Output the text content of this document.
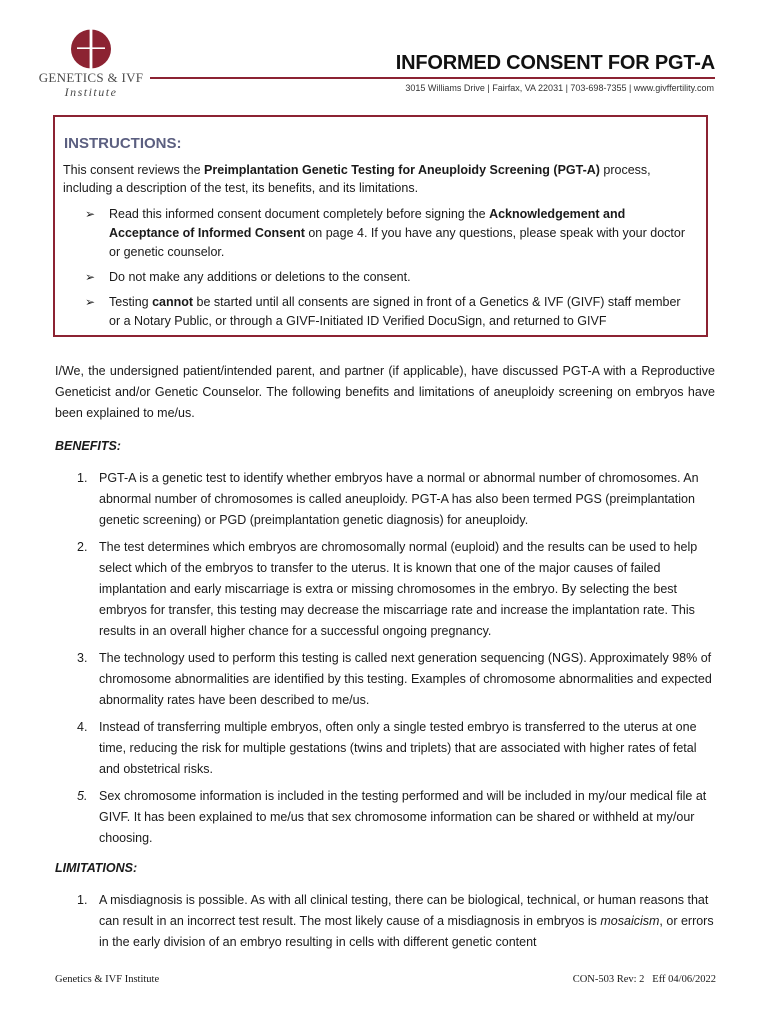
GENETICS & IVF
Institute
INFORMED CONSENT FOR PGT-A
3015 Williams Drive | Fairfax, VA 22031 | 703-698-7355 | www.givffertility.com
INSTRUCTIONS:
This consent reviews the Preimplantation Genetic Testing for Aneuploidy Screening (PGT-A) process, including a description of the test, its benefits, and its limitations.
➢ Read this informed consent document completely before signing the Acknowledgement and Acceptance of Informed Consent on page 4. If you have any questions, please speak with your doctor or genetic counselor.
➢ Do not make any additions or deletions to the consent.
➢ Testing cannot be started until all consents are signed in front of a Genetics & IVF (GIVF) staff member or a Notary Public, or through a GIVF-Initiated ID Verified DocuSign, and returned to GIVF
I/We, the undersigned patient/intended parent, and partner (if applicable), have discussed PGT-A with a Reproductive Geneticist and/or Genetic Counselor. The following benefits and limitations of aneuploidy screening on embryos have been explained to me/us.
BENEFITS:
1. PGT-A is a genetic test to identify whether embryos have a normal or abnormal number of chromosomes. An abnormal number of chromosomes is called aneuploidy. PGT-A has also been termed PGS (preimplantation genetic screening) or PGD (preimplantation genetic diagnosis) for aneuploidy.
2. The test determines which embryos are chromosomally normal (euploid) and the results can be used to help select which of the embryos to transfer to the uterus. It is known that one of the major causes of failed implantation and early miscarriage is extra or missing chromosomes in the embryo. By selecting the best embryos for transfer, this testing may decrease the miscarriage rate and increase the implantation rate. This results in an overall higher chance for a successful ongoing pregnancy.
3. The technology used to perform this testing is called next generation sequencing (NGS). Approximately 98% of chromosome abnormalities are identified by this testing. Examples of chromosome abnormalities and expected abnormality rates have been described to me/us.
4. Instead of transferring multiple embryos, often only a single tested embryo is transferred to the uterus at one time, reducing the risk for multiple gestations (twins and triplets) that are associated with higher rates of fetal and obstetrical risks.
5. Sex chromosome information is included in the testing performed and will be included in my/our medical file at GIVF. It has been explained to me/us that sex chromosome information can be shared or withheld at my/our choosing.
LIMITATIONS:
1. A misdiagnosis is possible. As with all clinical testing, there can be biological, technical, or human reasons that can result in an incorrect test result. The most likely cause of a misdiagnosis in embryos is mosaicism, or errors in the early division of an embryo resulting in cells with different genetic content
Genetics & IVF Institute	CON-503 Rev: 2   Eff 04/06/2022
